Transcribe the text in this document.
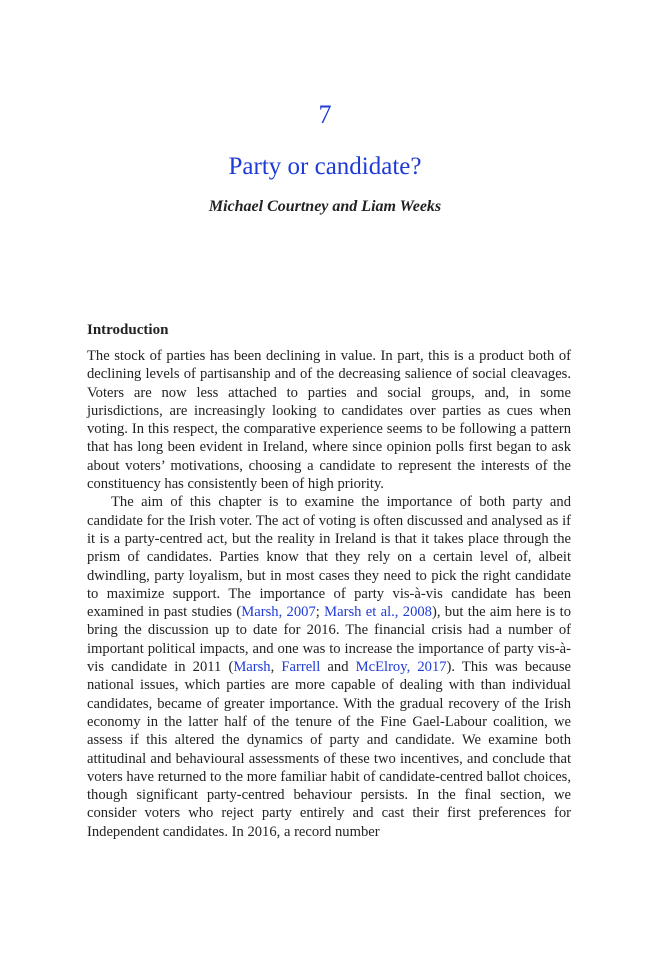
7
Party or candidate?
Michael Courtney and Liam Weeks
Introduction

The stock of parties has been declining in value. In part, this is a product both of declining levels of partisanship and of the decreasing salience of social cleavages. Voters are now less attached to parties and social groups, and, in some jurisdictions, are increasingly looking to candidates over parties as cues when voting. In this respect, the comparative experience seems to be following a pattern that has long been evident in Ireland, where since opinion polls first began to ask about voters’ motivations, choosing a candidate to represent the interests of the constituency has consistently been of high priority.

The aim of this chapter is to examine the importance of both party and candidate for the Irish voter. The act of voting is often discussed and analysed as if it is a party-centred act, but the reality in Ireland is that it takes place through the prism of candidates. Parties know that they rely on a certain level of, albeit dwindling, party loyalism, but in most cases they need to pick the right candidate to maximize support. The importance of party vis-à-vis candidate has been examined in past studies (Marsh, 2007; Marsh et al., 2008), but the aim here is to bring the discussion up to date for 2016. The financial crisis had a number of important political impacts, and one was to increase the importance of party vis-à-vis candidate in 2011 (Marsh, Farrell and McElroy, 2017). This was because national issues, which parties are more capable of dealing with than individual candidates, became of greater importance. With the gradual recovery of the Irish economy in the latter half of the tenure of the Fine Gael-Labour coalition, we assess if this altered the dynamics of party and candidate. We examine both attitudinal and behavioural assessments of these two incentives, and conclude that voters have returned to the more familiar habit of candidate-centred ballot choices, though significant party-centred behaviour persists. In the final section, we consider voters who reject party entirely and cast their first preferences for Independent candidates. In 2016, a record number
